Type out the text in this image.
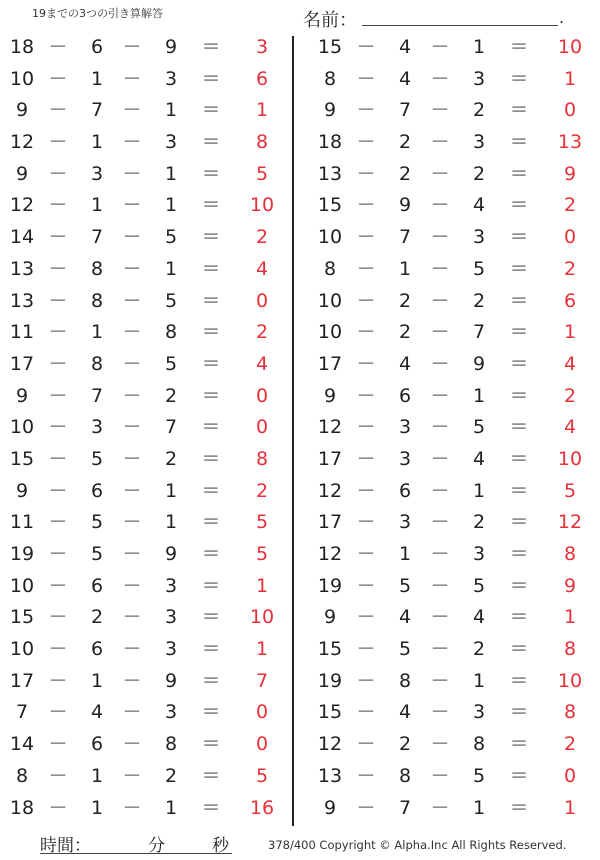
19までの3つの引き算解答	名前：	.
18 －	6	－	9	＝	3
10 －	1	－	3	＝	6
9	－	7	－	1	＝	1
12 －	1	－	3	＝	8
9	－	3	－	1	＝	5
12 －	1	－	1	＝	10
14 －	7	－	5	＝	2
13 －	8	－	1	＝	4
13 －	8	－	5	＝	0
11 －	1	－	8	＝	2
17 －	8	－	5	＝	4
9	－	7	－	2	＝	0
10 －	3	－	7	＝	0
15 －	5	－	2	＝	8
9	－	6	－	1	＝	2
11 －	5	－	1	＝	5
19 －	5	－	9	＝	5
10 －	6	－	3	＝	1
15 －	2	－	3	＝	10
10 －	6	－	3	＝	1
17 －	1	－	9	＝	7
7	－	4	－	3	＝	0
14 －	6	－	8	＝	0
8	－	1	－	2	＝	5
18 －	1	－	1	＝	16
15 －	4	－	1	＝	10
8	－	4	－	3	＝	1
9	－	7	－	2	＝	0
18 －	2	－	3	＝	13
13 －	2	－	2	＝	9
15 －	9	－	4	＝	2
10 －	7	－	3	＝	0
8	－	1	－	5	＝	2
10 －	2	－	2	＝	6
10 －	2	－	7	＝	1
17 －	4	－	9	＝	4
9	－	6	－	1	＝	2
12 －	3	－	5	＝	4
17 －	3	－	4	＝	10
12 －	6	－	1	＝	5
17 －	3	－	2	＝	12
12 －	1	－	3	＝	8
19 －	5	－	5	＝	9
9	－	4	－	4	＝	1
15 －	5	－	2	＝	8
19 －	8	－	1	＝	10
15 －	4	－	3	＝	8
12 －	2	－	8	＝	2
13 －	8	－	5	＝	0
9	－	7	－	1	＝	1
時間：	分	秒	378/400 Copyright © Alpha.Inc All Rights Reserved.
